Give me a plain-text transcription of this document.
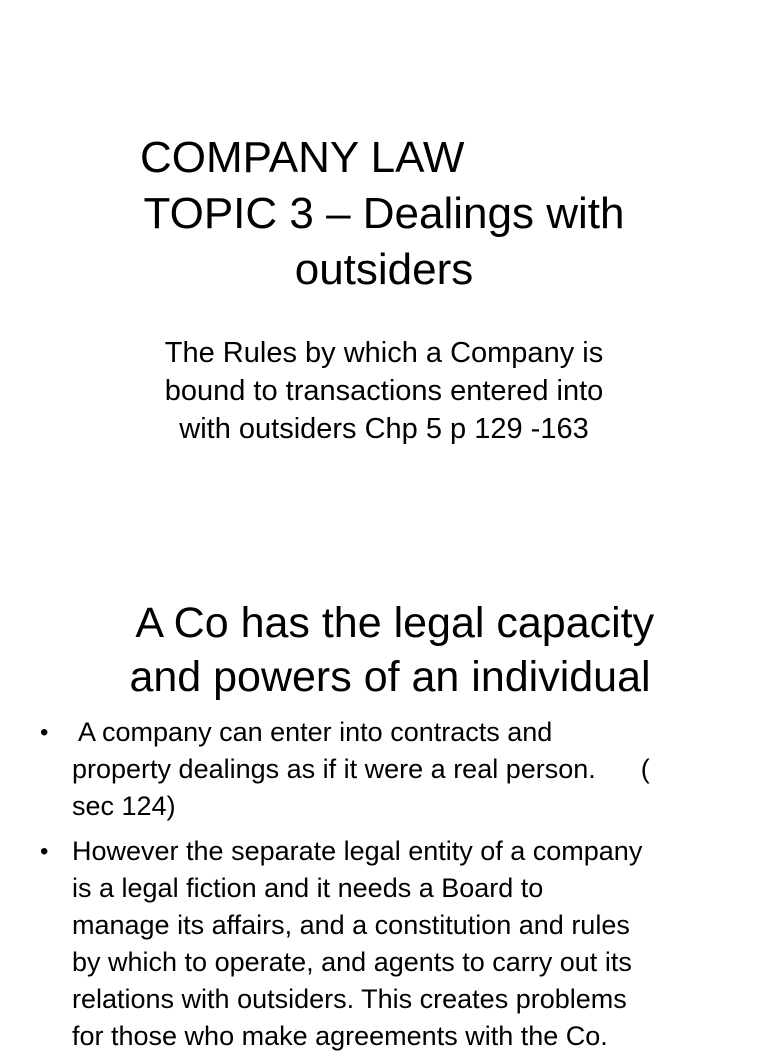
COMPANY LAW
TOPIC 3 – Dealings with
outsiders
The Rules by which a Company is
bound to transactions entered into
with outsiders Chp 5 p 129 -163
A Co has the legal capacity
and powers of an individual
• A company can enter into contracts and
property dealings as if it were a real person.      (
sec 124)
• However the separate legal entity of a company
is a legal fiction and it needs a Board to
manage its affairs, and a constitution and rules
by which to operate, and agents to carry out its
relations with outsiders. This creates problems
for those who make agreements with the Co.
